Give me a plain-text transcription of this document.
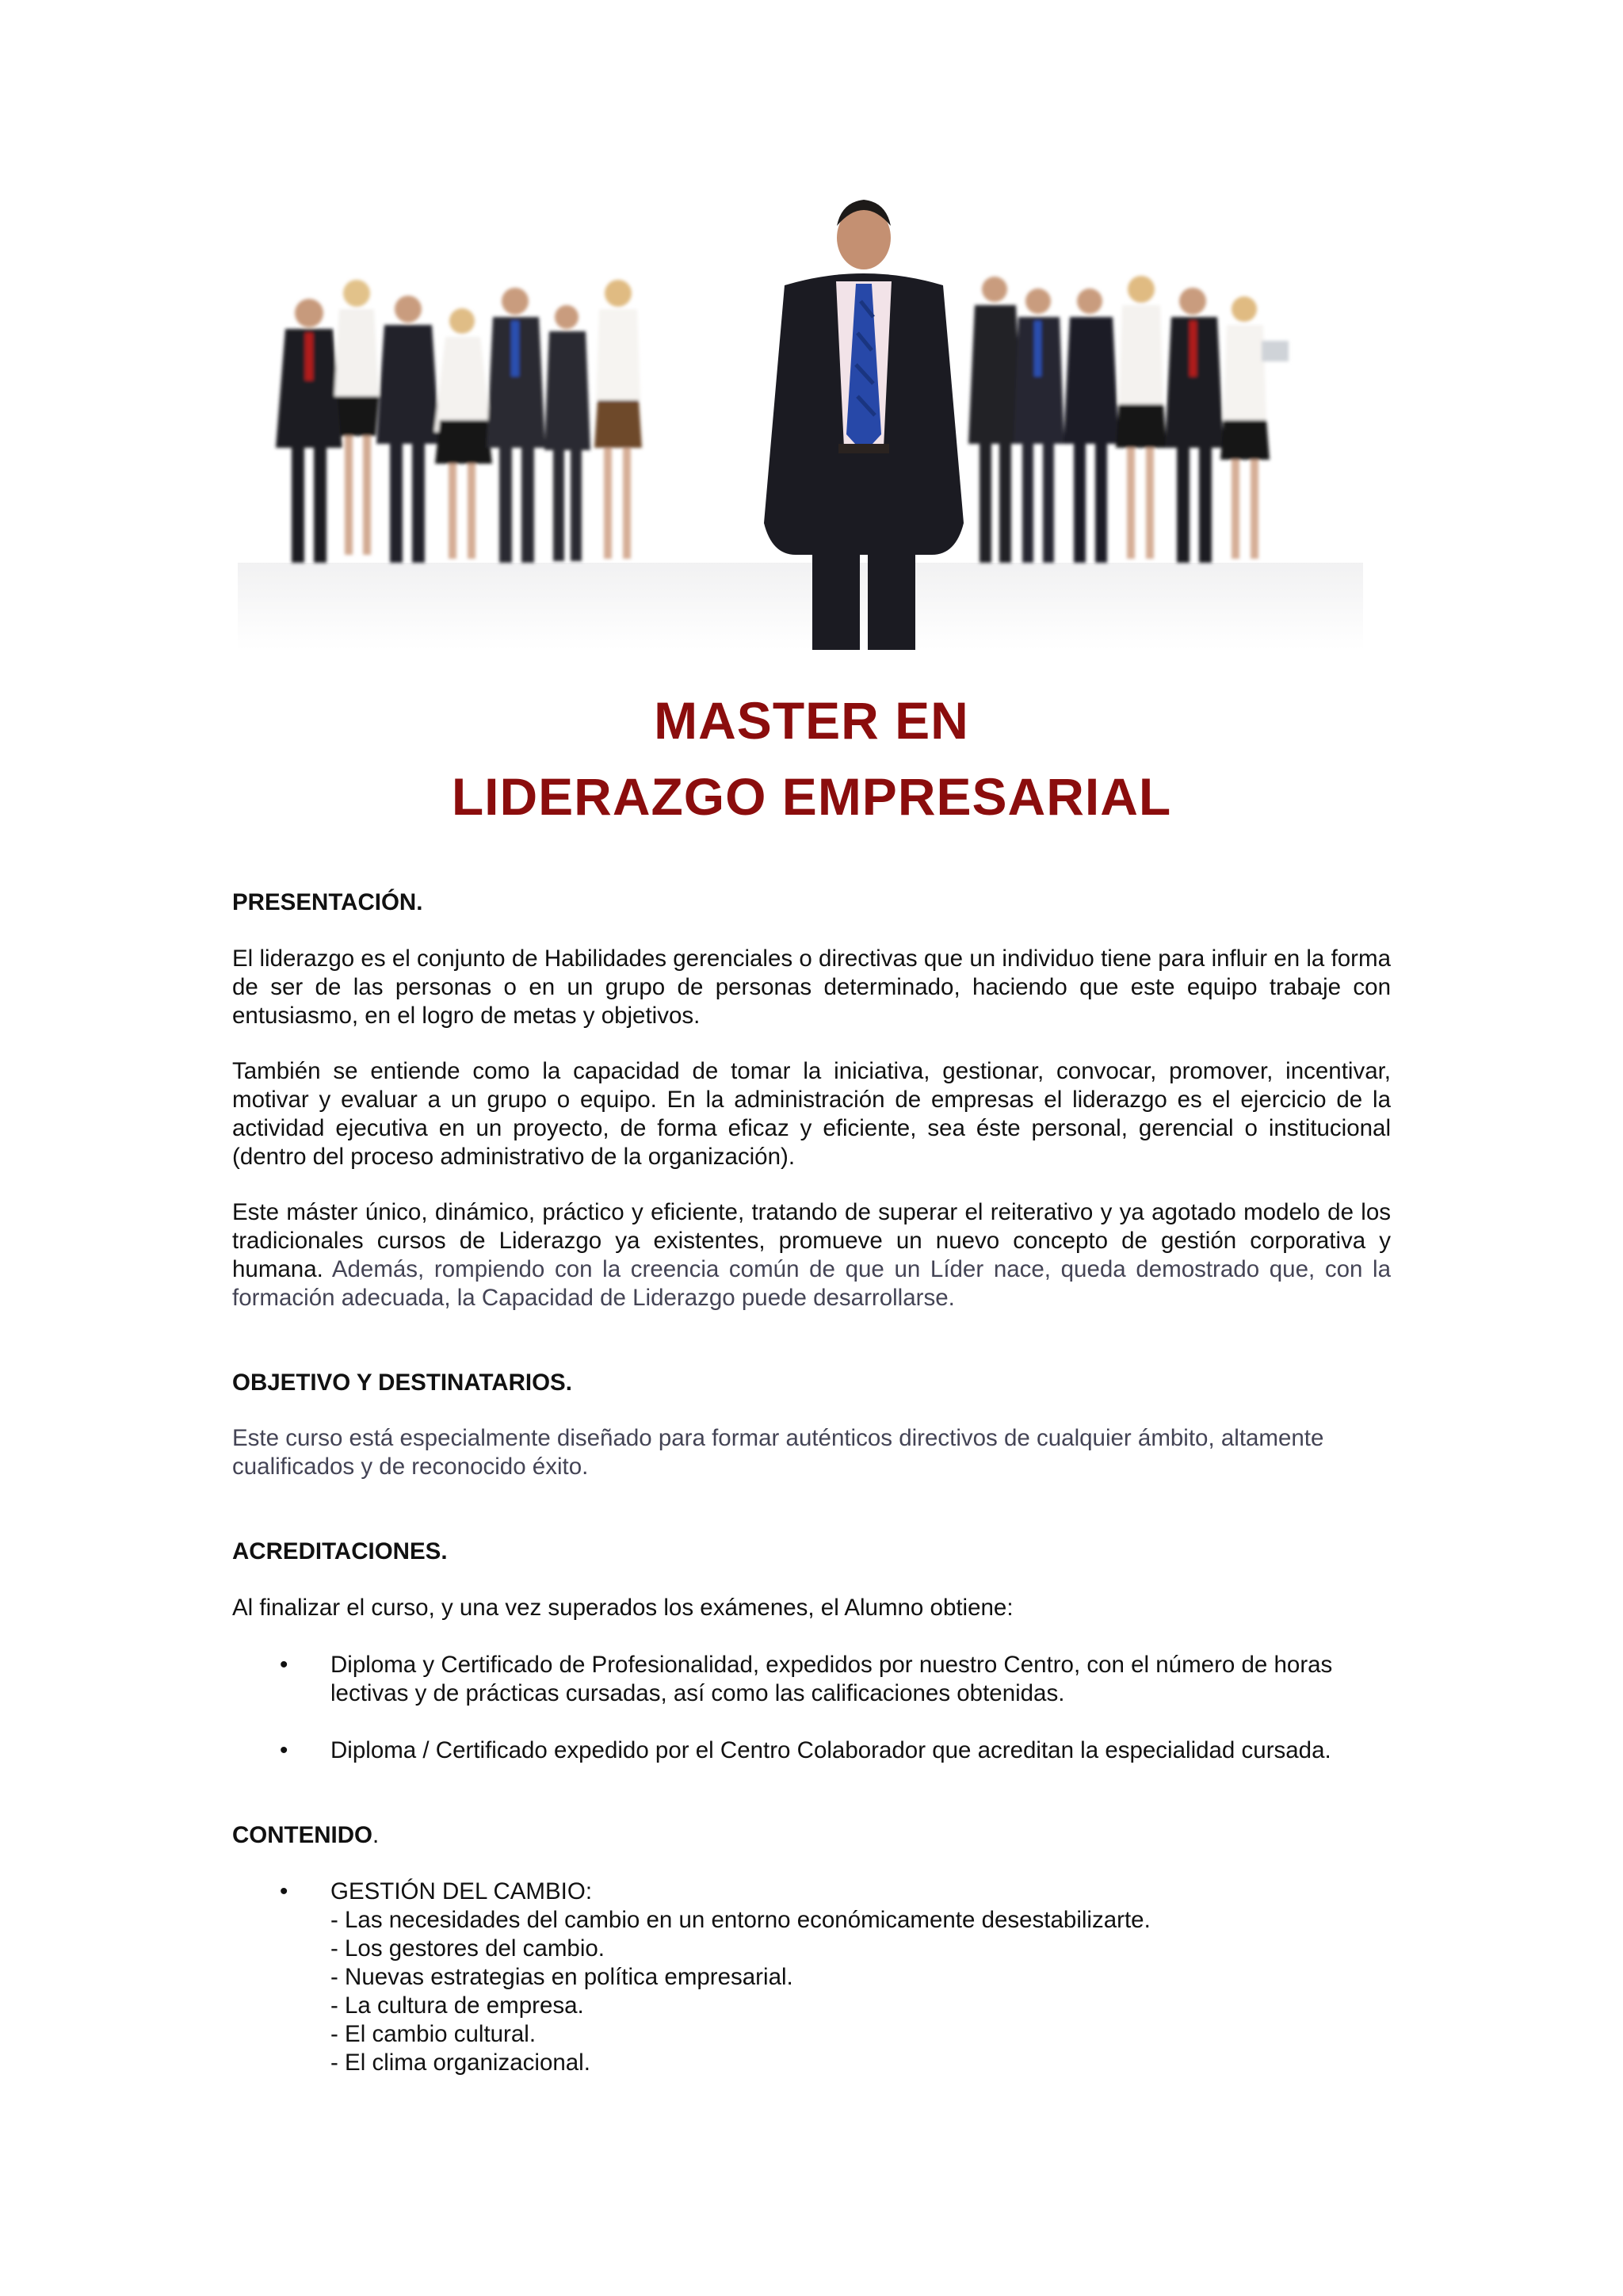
MASTER EN
LIDERAZGO EMPRESARIAL
PRESENTACIÓN.

El liderazgo es el conjunto de Habilidades gerenciales o directivas que un individuo tiene para influir en la forma de ser de las personas o en un grupo de personas determinado, haciendo que este equipo trabaje con entusiasmo, en el logro de metas y objetivos.

También se entiende como la capacidad de tomar la iniciativa, gestionar, convocar, promover, incentivar, motivar y evaluar a un grupo o equipo. En la administración de empresas el liderazgo es el ejercicio de la actividad ejecutiva en un proyecto, de forma eficaz y eficiente, sea éste personal, gerencial o institucional (dentro del proceso administrativo de la organización).

Este máster único, dinámico, práctico y eficiente, tratando de superar el reiterativo y ya agotado modelo de los tradicionales cursos de Liderazgo ya existentes, promueve un nuevo concepto de gestión corporativa y humana. Además, rompiendo con la creencia común de que un Líder nace, queda demostrado que, con la formación adecuada, la Capacidad de Liderazgo puede desarrollarse.

OBJETIVO Y DESTINATARIOS.

Este curso está especialmente diseñado para formar auténticos directivos de cualquier ámbito, altamente cualificados y de reconocido éxito.

ACREDITACIONES.

Al finalizar el curso, y una vez superados los exámenes, el Alumno obtiene:

• Diploma y Certificado de Profesionalidad, expedidos por nuestro Centro, con el número de horas lectivas y de prácticas cursadas, así como las calificaciones obtenidas.
• Diploma / Certificado expedido por el Centro Colaborador que acreditan la especialidad cursada.
CONTENIDO.
• GESTIÓN DEL CAMBIO:
- Las necesidades del cambio en un entorno económicamente desestabilizarte.
- Los gestores del cambio.
- Nuevas estrategias en política empresarial.
- La cultura de empresa.
- El cambio cultural.
- El clima organizacional.
